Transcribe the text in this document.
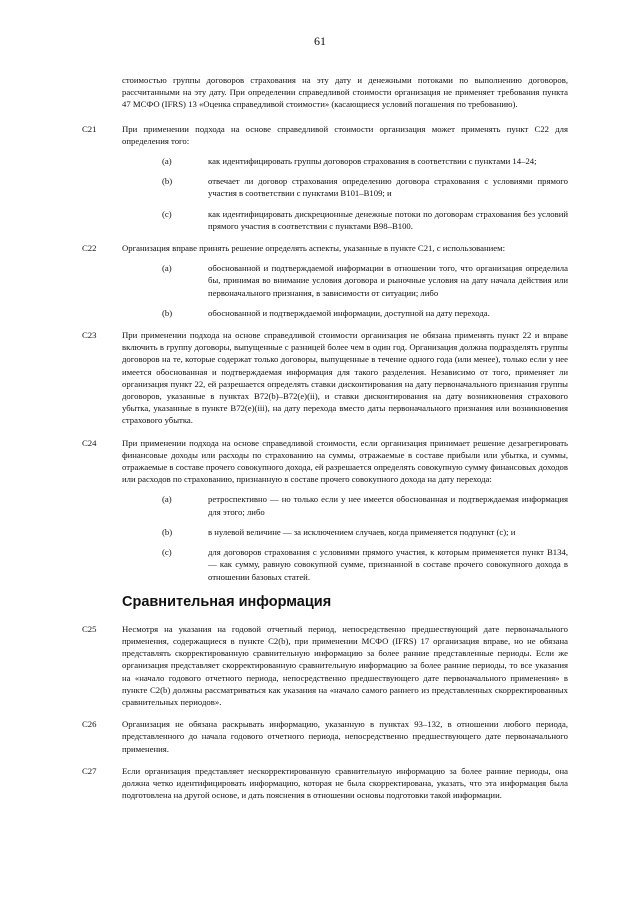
61

стоимостью группы договоров страхования на эту дату и денежными потоками по выполнению договоров, рассчитанными на эту дату. При определении справедливой стоимости организация не применяет требования пункта 47 МСФО (IFRS) 13 «Оценка справедливой стоимости» (касающиеся условий погашения по требованию).

C21	При применении подхода на основе справедливой стоимости организация может применять пункт C22 для определения того:

(a)	как идентифицировать группы договоров страхования в соответствии с пунктами 14–24;

(b)	отвечает ли договор страхования определению договора страхования с условиями прямого участия в соответствии с пунктами B101–B109; и

(c)	как идентифицировать дискреционные денежные потоки по договорам страхования без условий прямого участия в соответствии с пунктами B98–B100.

C22	Организация вправе принять решение определять аспекты, указанные в пункте C21, с использованием:

(a)	обоснованной и подтверждаемой информации в отношении того, что организация определила бы, принимая во внимание условия договора и рыночные условия на дату начала действия или первоначального признания, в зависимости от ситуации; либо

(b)	обоснованной и подтверждаемой информации, доступной на дату перехода.

C23	При применении подхода на основе справедливой стоимости организация не обязана применять пункт 22 и вправе включить в группу договоры, выпущенные с разницей более чем в один год. Организация должна подразделять группы договоров на те, которые содержат только договоры, выпущенные в течение одного года (или менее), только если у нее имеется обоснованная и подтверждаемая информация для такого разделения. Независимо от того, применяет ли организация пункт 22, ей разрешается определять ставки дисконтирования на дату первоначального признания группы договоров, указанные в пунктах B72(b)–B72(e)(ii), и ставки дисконтирования на дату возникновения страхового убытка, указанные в пункте B72(e)(iii), на дату перехода вместо даты первоначального признания или возникновения страхового убытка.

C24	При применении подхода на основе справедливой стоимости, если организация принимает решение дезагрегировать финансовые доходы или расходы по страхованию на суммы, отражаемые в составе прибыли или убытка, и суммы, отражаемые в составе прочего совокупного дохода, ей разрешается определять совокупную сумму финансовых доходов или расходов по страхованию, признанную в составе прочего совокупного дохода на дату перехода:

(a)	ретроспективно — но только если у нее имеется обоснованная и подтверждаемая информация для этого; либо

(b)	в нулевой величине — за исключением случаев, когда применяется подпункт (c); и

(c)	для договоров страхования с условиями прямого участия, к которым применяется пункт B134, — как сумму, равную совокупной сумме, признанной в составе прочего совокупного дохода в отношении базовых статей.

Сравнительная информация
C25	Несмотря на указания на годовой отчетный период, непосредственно предшествующий дате первоначального применения, содержащиеся в пункте C2(b), при применении МСФО (IFRS) 17 организация вправе, но не обязана представлять скорректированную сравнительную информацию за более ранние представленные периоды. Если же организация представляет скорректированную сравнительную информацию за более ранние периоды, то все указания на «начало годового отчетного периода, непосредственно предшествующего дате первоначального применения» в пункте C2(b) должны рассматриваться как указания на «начало самого раннего из представленных скорректированных сравнительных периодов».

C26	Организация не обязана раскрывать информацию, указанную в пунктах 93–132, в отношении любого периода, представленного до начала годового отчетного периода, непосредственно предшествующего дате первоначального применения.

C27	Если организация представляет нескорректированную сравнительную информацию за более ранние периоды, она должна четко идентифицировать информацию, которая не была скорректирована, указать, что эта информация была подготовлена на другой основе, и дать пояснения в отношении основы подготовки такой информации.
